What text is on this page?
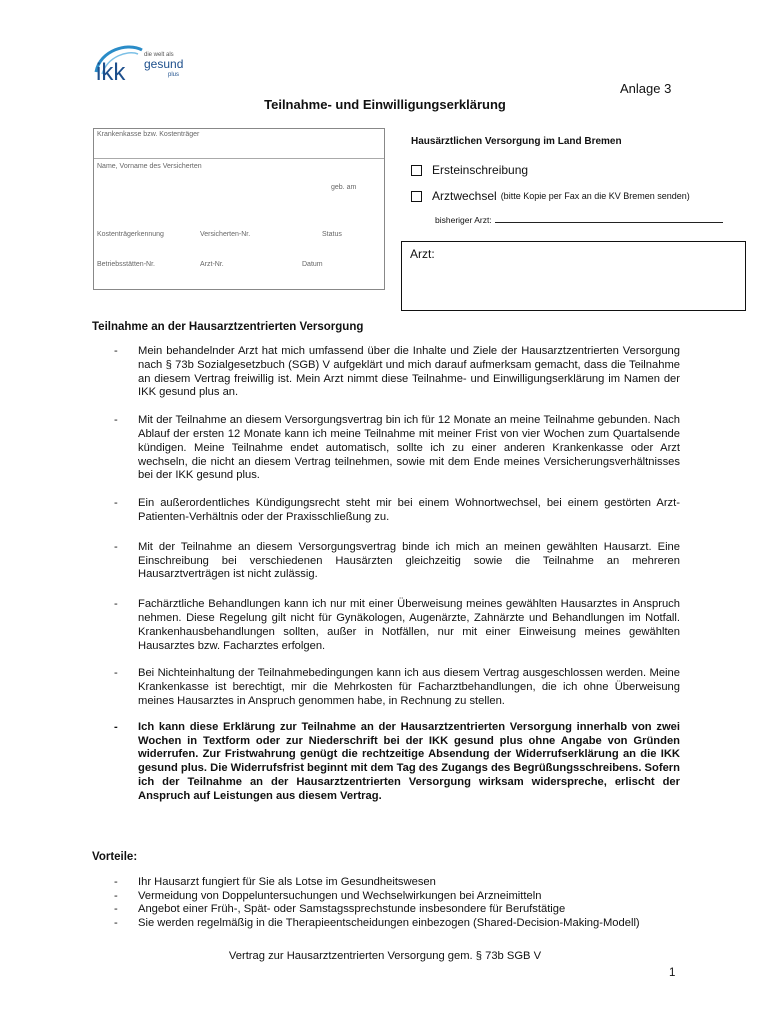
ikk
die welt als
gesund
plus
Anlage 3
Teilnahme- und Einwilligungserklärung
Krankenkasse bzw. Kostenträger
Name, Vorname des Versicherten
geb. am
Kostenträgerkennung	Versicherten-Nr.	Status
Betriebsstätten-Nr.	Arzt-Nr.	Datum
Hausärztlichen Versorgung im Land Bremen
Ersteinschreibung
Arztwechsel (bitte Kopie per Fax an die KV Bremen senden)
bisheriger Arzt:
Arzt:
Teilnahme an der Hausarztzentrierten Versorgung
- Mein behandelnder Arzt hat mich umfassend über die Inhalte und Ziele der Hausarztzentrierten Versorgung nach § 73b Sozialgesetzbuch (SGB) V aufgeklärt und mich darauf aufmerksam gemacht, dass die Teilnahme an diesem Vertrag freiwillig ist. Mein Arzt nimmt diese Teilnahme- und Einwilligungserklärung im Namen der IKK gesund plus an.
- Mit der Teilnahme an diesem Versorgungsvertrag bin ich für 12 Monate an meine Teilnahme gebunden. Nach Ablauf der ersten 12 Monate kann ich meine Teilnahme mit meiner Frist von vier Wochen zum Quartalsende kündigen. Meine Teilnahme endet automatisch, sollte ich zu einer anderen Krankenkasse oder Arzt wechseln, die nicht an diesem Vertrag teilnehmen, sowie mit dem Ende meines Versicherungsverhältnisses bei der IKK gesund plus.
- Ein außerordentliches Kündigungsrecht steht mir bei einem Wohnortwechsel, bei einem gestörten Arzt-Patienten-Verhältnis oder der Praxisschließung zu.
- Mit der Teilnahme an diesem Versorgungsvertrag binde ich mich an meinen gewählten Hausarzt. Eine Einschreibung bei verschiedenen Hausärzten gleichzeitig sowie die Teilnahme an mehreren Hausarztverträgen ist nicht zulässig.
- Fachärztliche Behandlungen kann ich nur mit einer Überweisung meines gewählten Hausarztes in Anspruch nehmen. Diese Regelung gilt nicht für Gynäkologen, Augenärzte, Zahnärzte und Behandlungen im Notfall. Krankenhausbehandlungen sollten, außer in Notfällen, nur mit einer Einweisung meines gewählten Hausarztes bzw. Facharztes erfolgen.
- Bei Nichteinhaltung der Teilnahmebedingungen kann ich aus diesem Vertrag ausgeschlossen werden. Meine Krankenkasse ist berechtigt, mir die Mehrkosten für Facharztbehandlungen, die ich ohne Überweisung meines Hausarztes in Anspruch genommen habe, in Rechnung zu stellen.
- Ich kann diese Erklärung zur Teilnahme an der Hausarztzentrierten Versorgung innerhalb von zwei Wochen in Textform oder zur Niederschrift bei der IKK gesund plus ohne Angabe von Gründen widerrufen. Zur Fristwahrung genügt die rechtzeitige Absendung der Widerrufserklärung an die IKK gesund plus. Die Widerrufsfrist beginnt mit dem Tag des Zugangs des Begrüßungsschreibens. Sofern ich der Teilnahme an der Hausarztzentrierten Versorgung wirksam widerspreche, erlischt der Anspruch auf Leistungen aus diesem Vertrag.
Vorteile:
- Ihr Hausarzt fungiert für Sie als Lotse im Gesundheitswesen
- Vermeidung von Doppeluntersuchungen und Wechselwirkungen bei Arzneimitteln
- Angebot einer Früh-, Spät- oder Samstagssprechstunde insbesondere für Berufstätige
- Sie werden regelmäßig in die Therapieentscheidungen einbezogen (Shared-Decision-Making-Modell)
Vertrag zur Hausarztzentrierten Versorgung gem. § 73b SGB V
1
